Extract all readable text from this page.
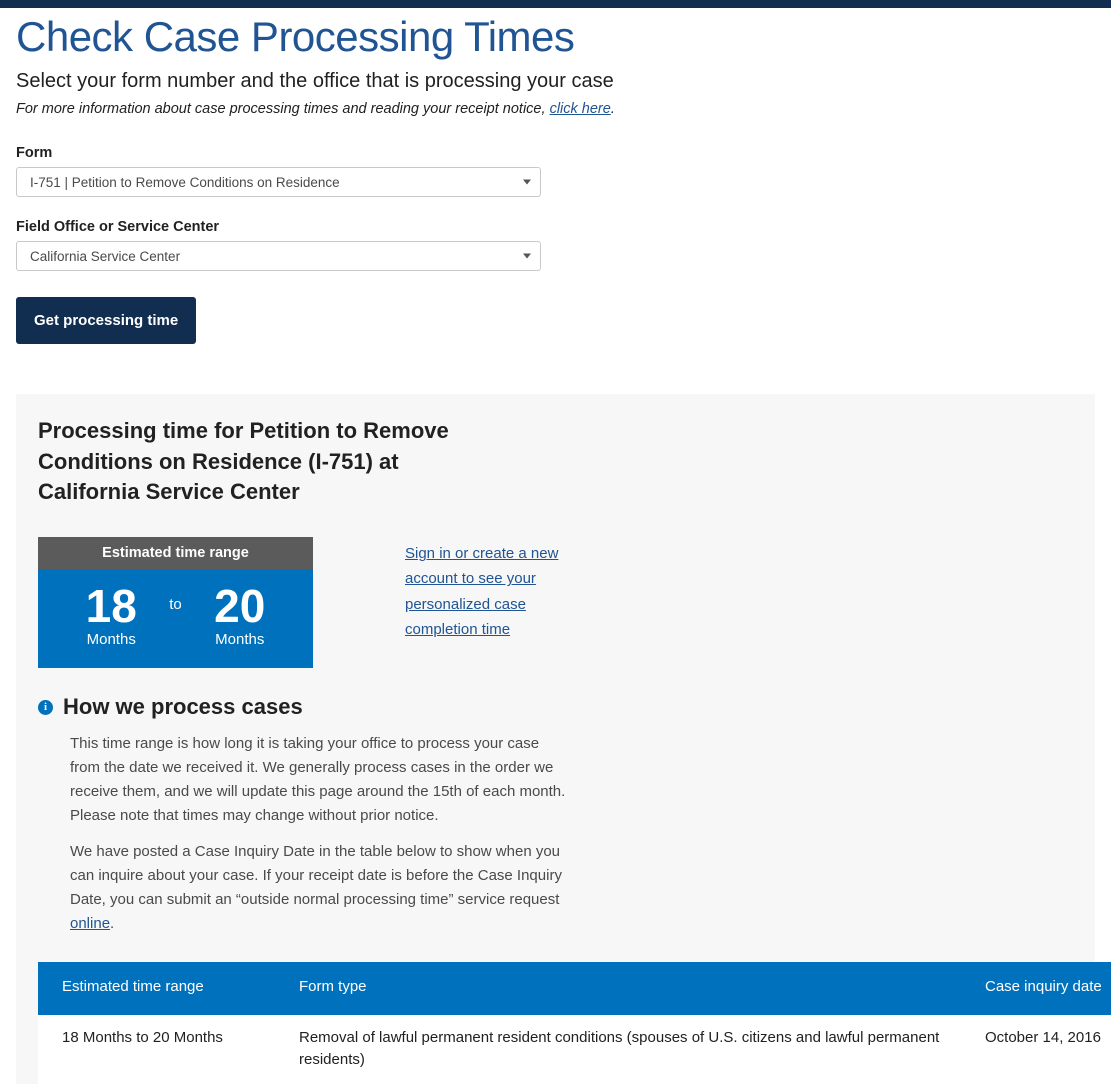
Check Case Processing Times

Select your form number and the office that is processing your case

For more information about case processing times and reading your receipt notice, click here.

Form
I-751 | Petition to Remove Conditions on Residence
Field Office or Service Center
California Service Center
Get processing time
Processing time for Petition to Remove Conditions on Residence (I-751) at California Service Center
Estimated time range
18
Months
to 20
Months
Sign in or create a new account to see your personalized case completion time
i How we process cases

This time range is how long it is taking your office to process your case from the date we received it. We generally process cases in the order we receive them, and we will update this page around the 15th of each month. Please note that times may change without prior notice.

We have posted a Case Inquiry Date in the table below to show when you can inquire about your case. If your receipt date is before the Case Inquiry Date, you can submit an “outside normal processing time” service request online.

Estimated time range	Form type	Case inquiry date
18 Months to 20 Months	Removal of lawful permanent resident conditions (spouses of U.S. citizens and lawful permanent residents)	October 14, 2016
